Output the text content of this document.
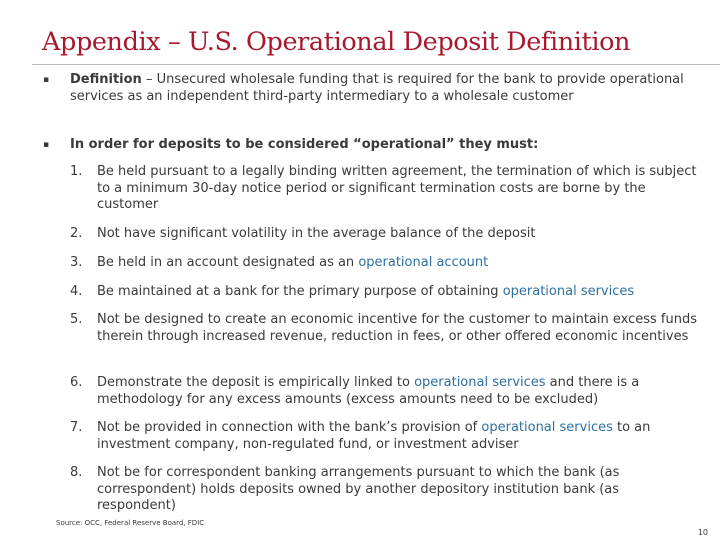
Appendix – U.S. Operational Deposit Definition
▪ Definition – Unsecured wholesale funding that is required for the bank to provide operational services as an independent third-party intermediary to a wholesale customer
▪ In order for deposits to be considered “operational” they must:
1. Be held pursuant to a legally binding written agreement, the termination of which is subject to a minimum 30-day notice period or significant termination costs are borne by the customer
2. Not have significant volatility in the average balance of the deposit
3. Be held in an account designated as an operational account
4. Be maintained at a bank for the primary purpose of obtaining operational services
5. Not be designed to create an economic incentive for the customer to maintain excess funds therein through increased revenue, reduction in fees, or other offered economic incentives
6. Demonstrate the deposit is empirically linked to operational services and there is a methodology for any excess amounts (excess amounts need to be excluded)
7. Not be provided in connection with the bank’s provision of operational services to an investment company, non-regulated fund, or investment adviser
8. Not be for correspondent banking arrangements pursuant to which the bank (as correspondent) holds deposits owned by another depository institution bank (as respondent)
Source: OCC, Federal Reserve Board, FDIC
10
